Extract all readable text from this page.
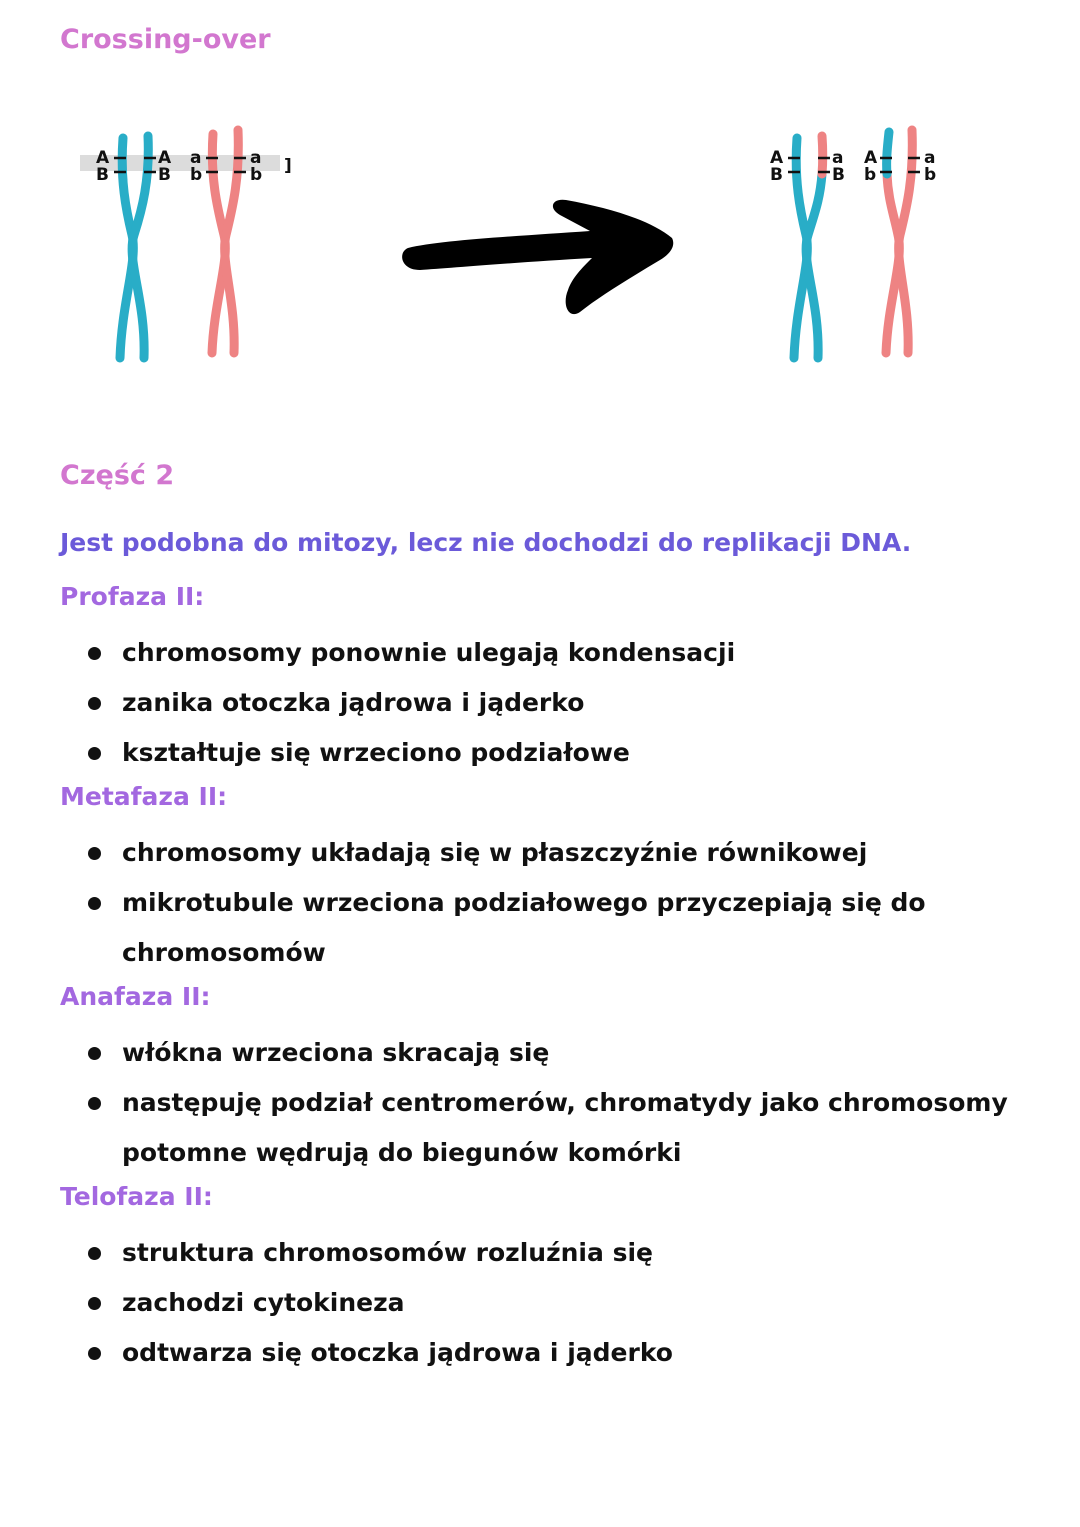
Crossing-over
A
B
A
B
a
b
a
b ]	A
B
a
B
A
b
a
b
Część 2
Jest podobna do mitozy, lecz nie dochodzi do replikacji DNA.
Profaza II:
chromosomy ponownie ulegają kondensacji
zanika otoczka jądrowa i jąderko
kształtuje się wrzeciono podziałowe
Metafaza II:
chromosomy układają się w płaszczyźnie równikowej
mikrotubule wrzeciona podziałowego przyczepiają się do chromosomów
Anafaza II:
włókna wrzeciona skracają się
następuję podział centromerów, chromatydy jako chromosomy potomne wędrują do biegunów komórki
Telofaza II:
struktura chromosomów rozluźnia się
zachodzi cytokineza
odtwarza się otoczka jądrowa i jąderko
